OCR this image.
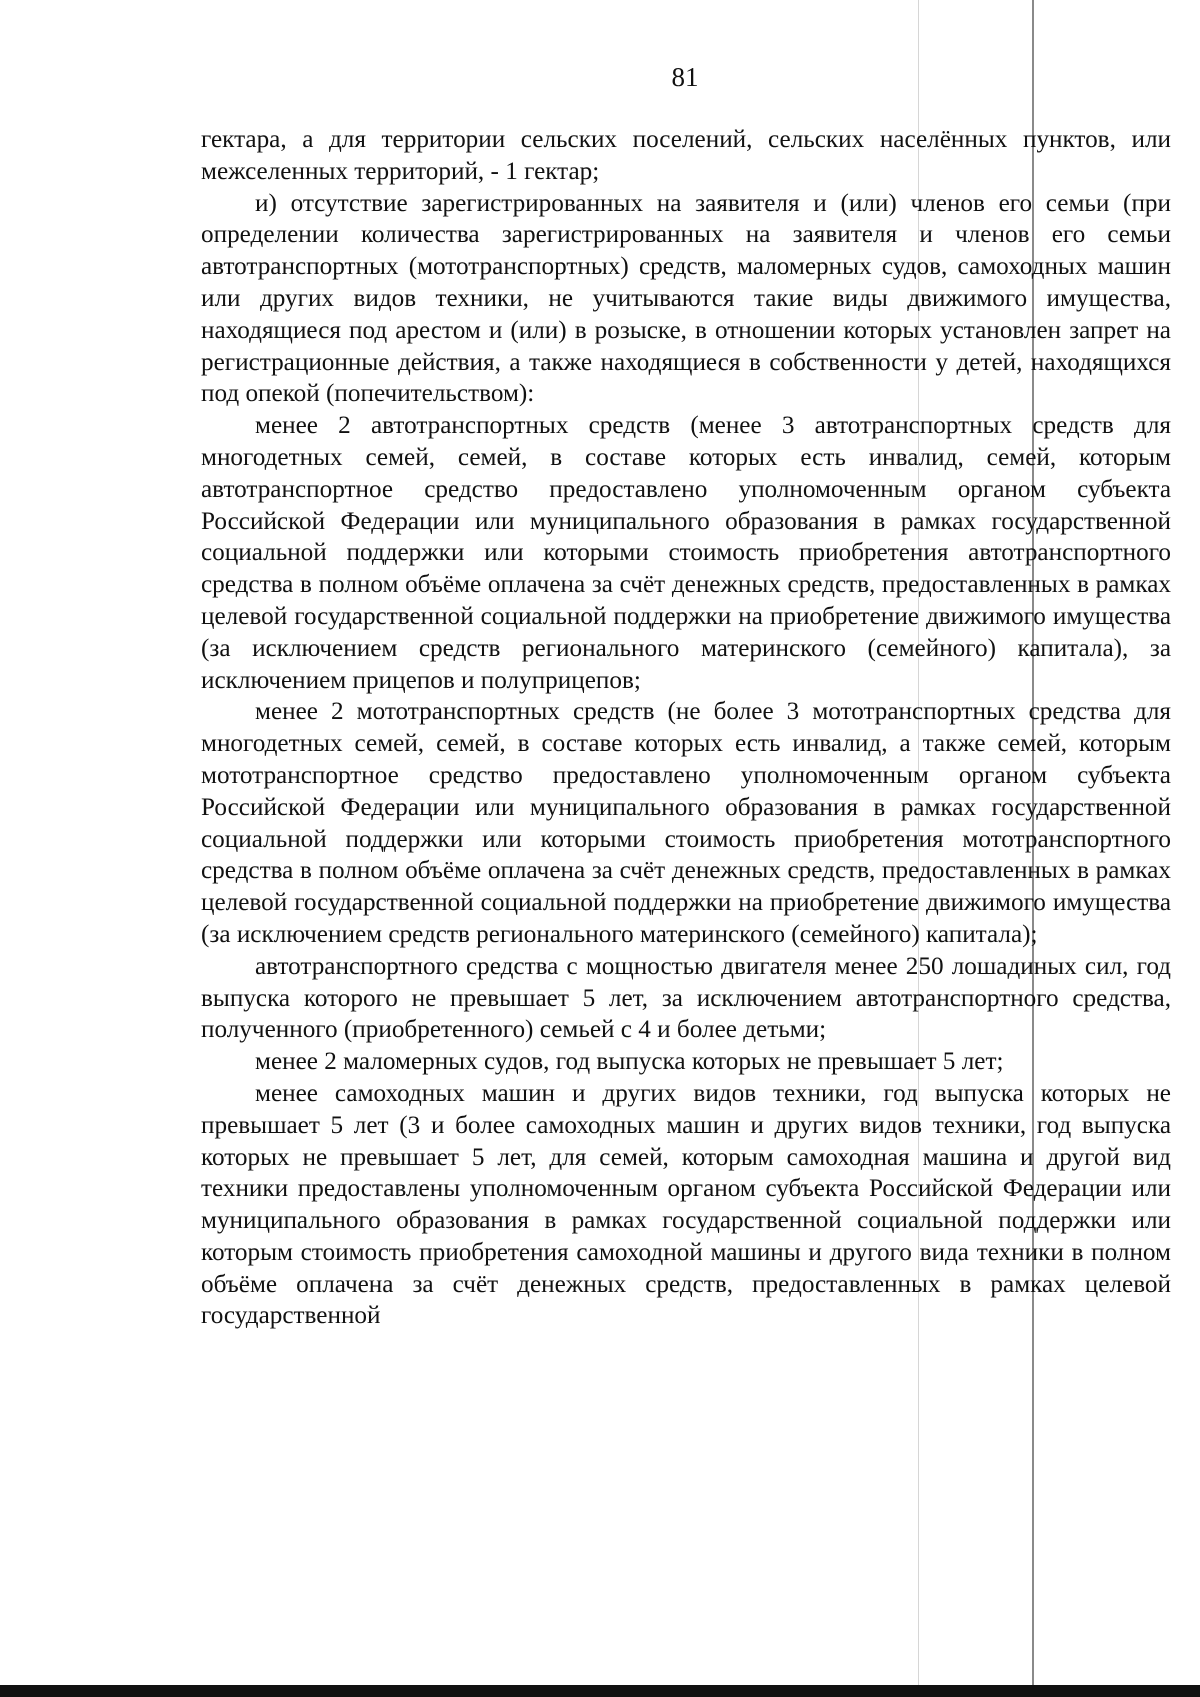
81

гектара, а для территории сельских поселений, сельских населённых пунктов, или межселенных территорий, - 1 гектар;

и) отсутствие зарегистрированных на заявителя и (или) членов его семьи (при определении количества зарегистрированных на заявителя и членов его семьи автотранспортных (мототранспортных) средств, маломерных судов, самоходных машин или других видов техники, не учитываются такие виды движимого имущества, находящиеся под арестом и (или) в розыске, в отношении которых установлен запрет на регистрационные действия, а также находящиеся в собственности у детей, находящихся под опекой (попечительством):

менее 2 автотранспортных средств (менее 3 автотранспортных средств для многодетных семей, семей, в составе которых есть инвалид, семей, которым автотранспортное средство предоставлено уполномоченным органом субъекта Российской Федерации или муниципального образования в рамках государственной социальной поддержки или которыми стоимость приобретения автотранспортного средства в полном объёме оплачена за счёт денежных средств, предоставленных в рамках целевой государственной социальной поддержки на приобретение движимого имущества (за исключением средств регионального материнского (семейного) капитала), за исключением прицепов и полуприцепов;

менее 2 мототранспортных средств (не более 3 мототранспортных средства для многодетных семей, семей, в составе которых есть инвалид, а также семей, которым мототранспортное средство предоставлено уполномоченным органом субъекта Российской Федерации или муниципального образования в рамках государственной социальной поддержки или которыми стоимость приобретения мототранспортного средства в полном объёме оплачена за счёт денежных средств, предоставленных в рамках целевой государственной социальной поддержки на приобретение движимого имущества (за исключением средств регионального материнского (семейного) капитала);

автотранспортного средства с мощностью двигателя менее 250 лошадиных сил, год выпуска которого не превышает 5 лет, за исключением автотранспортного средства, полученного (приобретенного) семьей с 4 и более детьми;

менее 2 маломерных судов, год выпуска которых не превышает 5 лет;

менее самоходных машин и других видов техники, год выпуска которых не превышает 5 лет (3 и более самоходных машин и других видов техники, год выпуска которых не превышает 5 лет, для семей, которым самоходная машина и другой вид техники предоставлены уполномоченным органом субъекта Российской Федерации или муниципального образования в рамках государственной социальной поддержки или которым стоимость приобретения самоходной машины и другого вида техники в полном объёме оплачена за счёт денежных средств, предоставленных в рамках целевой государственной
